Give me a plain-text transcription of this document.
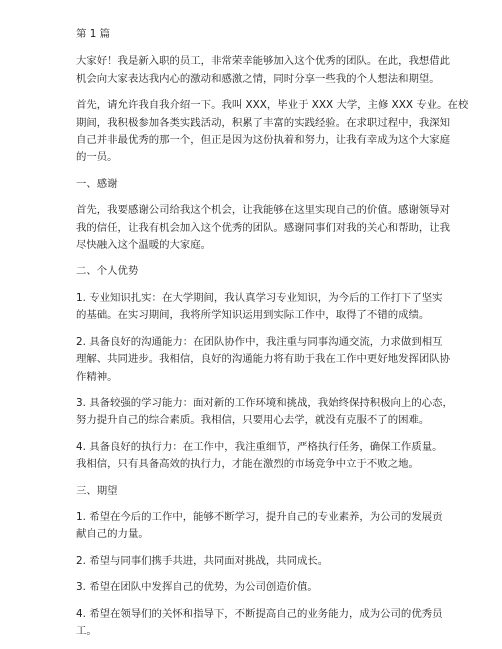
第 1 篇

大家好！我是新入职的员工，非常荣幸能够加入这个优秀的团队。在此，我想借此

机会向大家表达我内心的激动和感激之情，同时分享一些我的个人想法和期望。

首先，请允许我自我介绍一下。我叫 XXX，毕业于 XXX 大学，主修 XXX 专业。在校

期间，我积极参加各类实践活动，积累了丰富的实践经验。在求职过程中，我深知

自己并非最优秀的那一个，但正是因为这份执着和努力，让我有幸成为这个大家庭

的一员。

一、感谢

首先，我要感谢公司给我这个机会，让我能够在这里实现自己的价值。感谢领导对

我的信任，让我有机会加入这个优秀的团队。感谢同事们对我的关心和帮助，让我

尽快融入这个温暖的大家庭。

二、个人优势

1. 专业知识扎实：在大学期间，我认真学习专业知识，为今后的工作打下了坚实

的基础。在实习期间，我将所学知识运用到实际工作中，取得了不错的成绩。

2. 具备良好的沟通能力：在团队协作中，我注重与同事沟通交流，力求做到相互

理解、共同进步。我相信，良好的沟通能力将有助于我在工作中更好地发挥团队协

作精神。

3. 具备较强的学习能力：面对新的工作环境和挑战，我始终保持积极向上的心态，

努力提升自己的综合素质。我相信，只要用心去学，就没有克服不了的困难。

4. 具备良好的执行力：在工作中，我注重细节，严格执行任务，确保工作质量。

我相信，只有具备高效的执行力，才能在激烈的市场竞争中立于不败之地。

三、期望

1. 希望在今后的工作中，能够不断学习，提升自己的专业素养，为公司的发展贡

献自己的力量。

2. 希望与同事们携手共进，共同面对挑战，共同成长。

3. 希望在团队中发挥自己的优势，为公司创造价值。

4. 希望在领导们的关怀和指导下，不断提高自己的业务能力，成为公司的优秀员

工。
